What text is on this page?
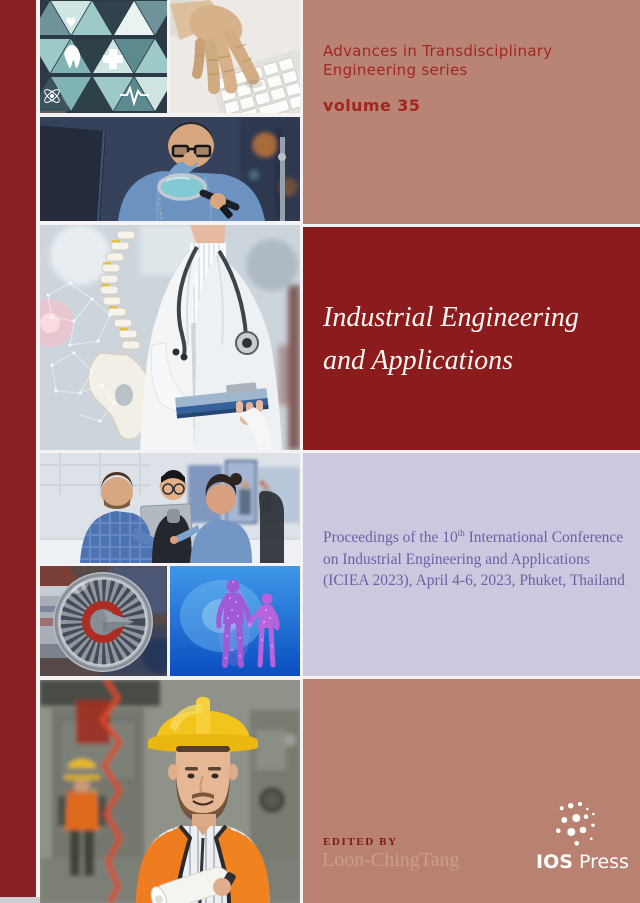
♥
Advances in Transdisciplinary Engineering series
volume 35
Industrial Engineering
and Applications
Proceedings of the 10th International Conference on Industrial Engineering and Applications (ICIEA 2023), April 4-6, 2023, Phuket, Thailand
EDITED BY
Loon-ChingTang	IOS Press
